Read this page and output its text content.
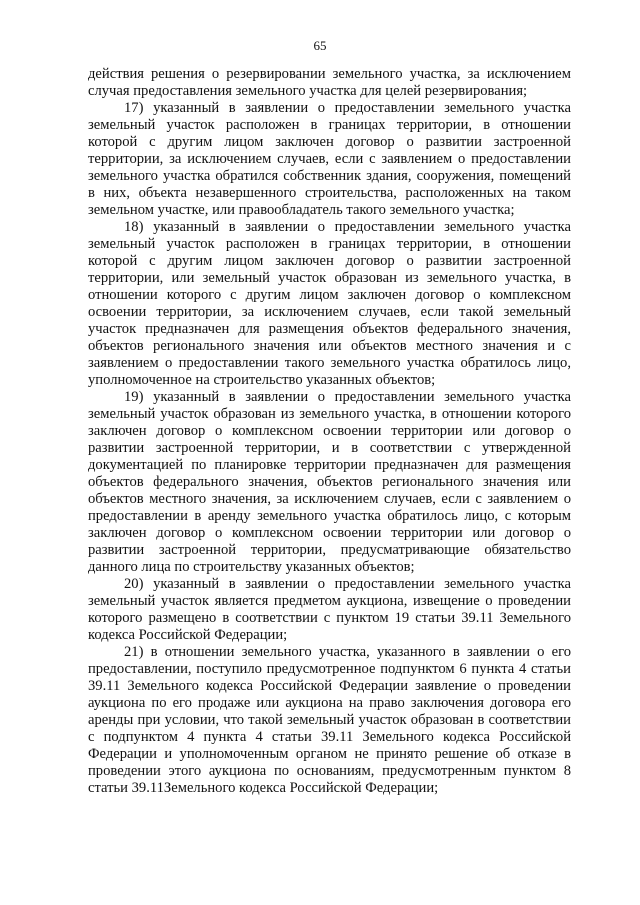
65

действия решения о резервировании земельного участка, за исключением случая предоставления земельного участка для целей резервирования;

17) указанный в заявлении о предоставлении земельного участка земельный участок расположен в границах территории, в отношении которой с другим лицом заключен договор о развитии застроенной территории, за исключением случаев, если с заявлением о предоставлении земельного участка обратился собственник здания, сооружения, помещений в них, объекта незавершенного строительства, расположенных на таком земельном участке, или правообладатель такого земельного участка;

18) указанный в заявлении о предоставлении земельного участка земельный участок расположен в границах территории, в отношении которой с другим лицом заключен договор о развитии застроенной территории, или земельный участок образован из земельного участка, в отношении которого с другим лицом заключен договор о комплексном освоении территории, за исключением случаев, если такой земельный участок предназначен для размещения объектов федерального значения, объектов регионального значения или объектов местного значения и с заявлением о предоставлении такого земельного участка обратилось лицо, уполномоченное на строительство указанных объектов;

19) указанный в заявлении о предоставлении земельного участка земельный участок образован из земельного участка, в отношении которого заключен договор о комплексном освоении территории или договор о развитии застроенной территории, и в соответствии с утвержденной документацией по планировке территории предназначен для размещения объектов федерального значения, объектов регионального значения или объектов местного значения, за исключением случаев, если с заявлением о предоставлении в аренду земельного участка обратилось лицо, с которым заключен договор о комплексном освоении территории или договор о развитии застроенной территории, предусматривающие обязательство данного лица по строительству указанных объектов;

20) указанный в заявлении о предоставлении земельного участка земельный участок является предметом аукциона, извещение о проведении которого размещено в соответствии с пунктом 19 статьи 39.11 Земельного кодекса Российской Федерации;

21) в отношении земельного участка, указанного в заявлении о его предоставлении, поступило предусмотренное подпунктом 6 пункта 4 статьи 39.11 Земельного кодекса Российской Федерации заявление о проведении аукциона по его продаже или аукциона на право заключения договора его аренды при условии, что такой земельный участок образован в соответствии с подпунктом 4 пункта 4 статьи 39.11 Земельного кодекса Российской Федерации и уполномоченным органом не принято решение об отказе в проведении этого аукциона по основаниям, предусмотренным пунктом 8 статьи 39.11Земельного кодекса Российской Федерации;
